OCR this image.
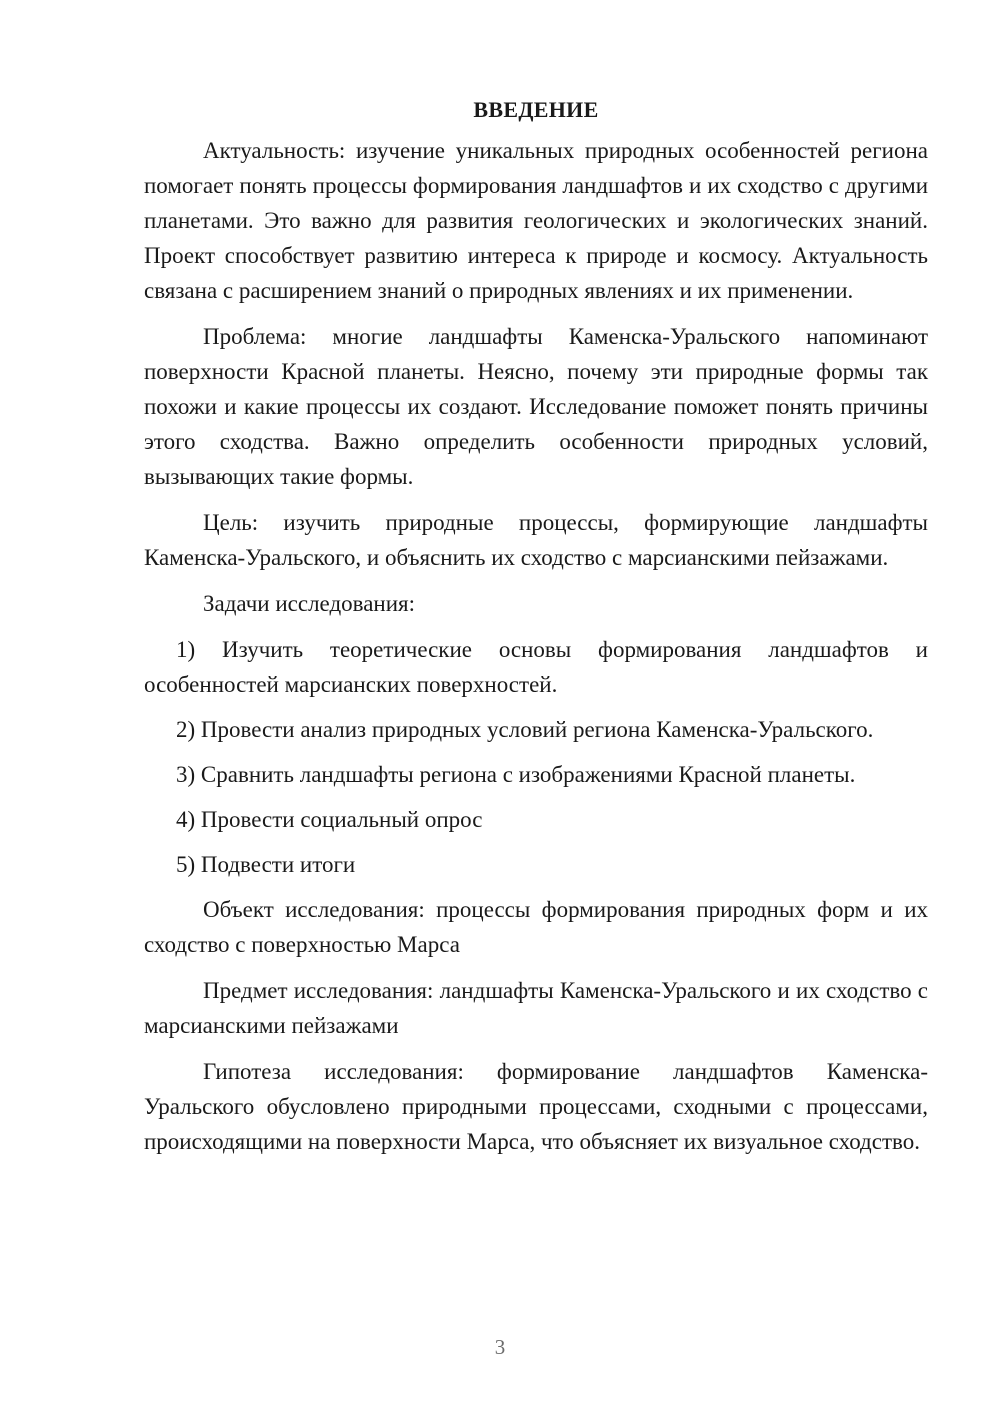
ВВЕДЕНИЕ

Актуальность: изучение уникальных природных особенностей региона помогает понять процессы формирования ландшафтов и их сходство с другими планетами. Это важно для развития геологических и экологических знаний. Проект способствует развитию интереса к природе и космосу. Актуальность связана с расширением знаний о природных явлениях и их применении.

Проблема: многие ландшафты Каменска-Уральского напоминают поверхности Красной планеты. Неясно, почему эти природные формы так похожи и какие процессы их создают. Исследование поможет понять причины этого сходства. Важно определить особенности природных условий, вызывающих такие формы.

Цель: изучить природные процессы, формирующие ландшафты Каменска-Уральского, и объяснить их сходство с марсианскими пейзажами.

Задачи исследования:

1) Изучить теоретические основы формирования ландшафтов и особенностей марсианских поверхностей.

2) Провести анализ природных условий региона Каменска-Уральского.

3) Сравнить ландшафты региона с изображениями Красной планеты.

4) Провести социальный опрос

5) Подвести итоги

Объект исследования: процессы формирования природных форм и их сходство с поверхностью Марса

Предмет исследования: ландшафты Каменска-Уральского и их сходство с марсианскими пейзажами

Гипотеза исследования: формирование ландшафтов Каменска-Уральского обусловлено природными процессами, сходными с процессами, происходящими на поверхности Марса, что объясняет их визуальное сходство.

3
